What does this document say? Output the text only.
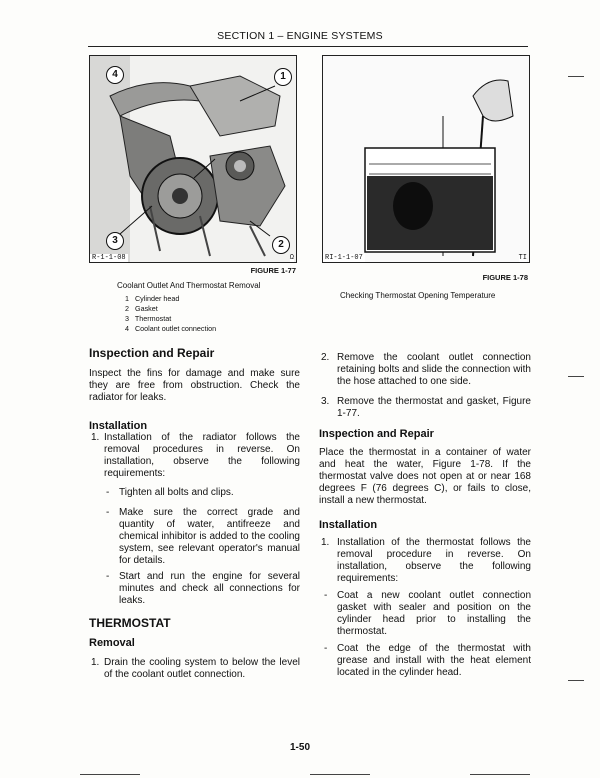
SECTION 1 – ENGINE SYSTEMS
4	1
3	2
R-1-1-08	Ω
FIGURE 1-77
Coolant Outlet And Thermostat Removal
1   Cylinder head
2   Gasket
3   Thermostat
4   Coolant outlet connection
RI-1-1-07	TI
FIGURE 1-78
Checking Thermostat Opening Temperature
Inspection and Repair

Inspect the fins for damage and make sure they are free from obstruction. Check the radiator for leaks.

Installation
1. Installation of the radiator follows the removal procedures in reverse. On installation, observe the following requirements:
- Tighten all bolts and clips.
- Make sure the correct grade and quantity of water, antifreeze and chemical inhibitor is added to the cooling system, see relevant operator's manual for details.
- Start and run the engine for several minutes and check all connections for leaks.
THERMOSTAT
Removal
1. Drain the cooling system to below the level of the coolant outlet connection.
2. Remove the coolant outlet connection retaining bolts and slide the connection with the hose attached to one side.
3. Remove the thermostat and gasket, Figure 1-77.
Inspection and Repair

Place the thermostat in a container of water and heat the water, Figure 1-78. If the thermostat valve does not open at or near 168 degrees F (76 degrees C), or fails to close, install a new thermostat.

Installation
1. Installation of the thermostat follows the removal procedure in reverse. On installation, observe the following requirements:
- Coat a new coolant outlet connection gasket with sealer and position on the cylinder head prior to installing the thermostat.
- Coat the edge of the thermostat with grease and install with the heat element located in the cylinder head.
1-50
